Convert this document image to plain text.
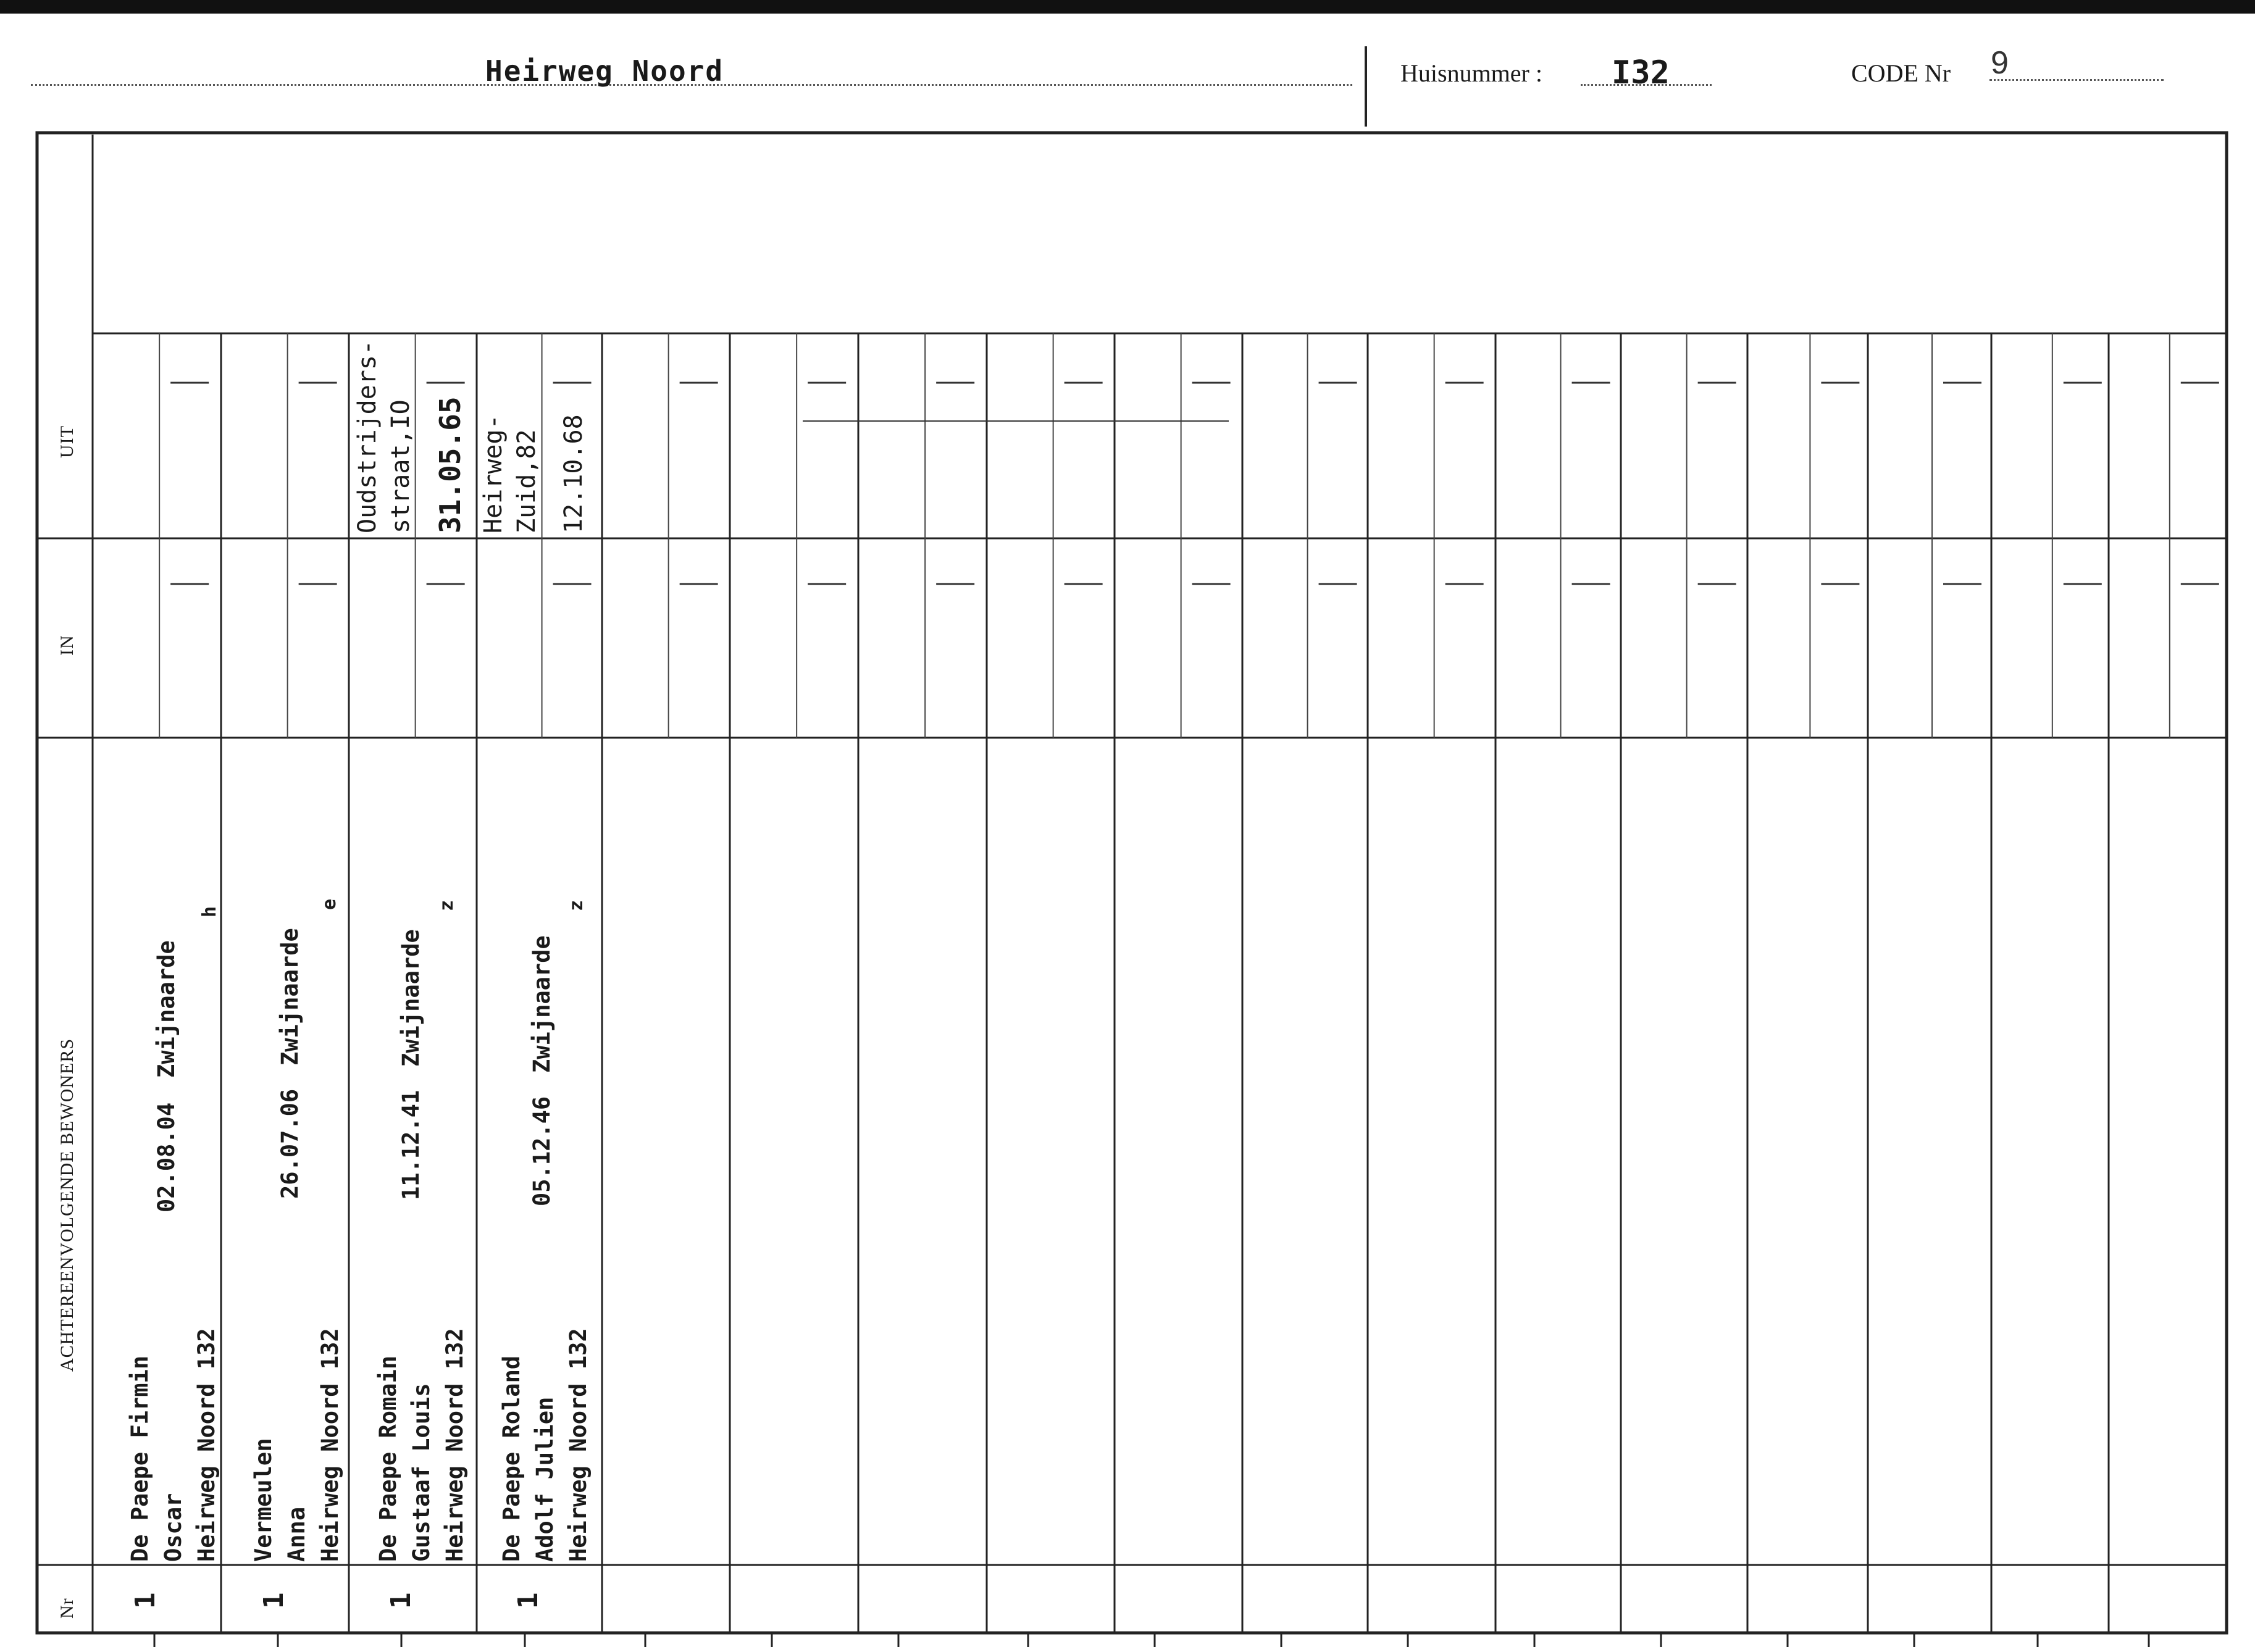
Heirweg Noord	Huisnummer : I32	CODE Nr 9
UIT
IN
ACHTEREENVOLGENDE BEWONERS
Nr
De Paepe Firmin Oscar Heirweg Noord 132
02.08.04
Zwijnaarde
h
1
Vermeulen Anna Heirweg Noord 132
26.07.06
Zwijnaarde
e
1
De Paepe Romain Gustaaf Louis Heirweg Noord 132
11.12.41
Zwijnaarde
z
1
De Paepe Roland Adolf Julien Heirweg Noord 132
05.12.46
Zwijnaarde
z
1
Oudstrijders- straat,IO 31.05.65 Heirweg- Zuid,82 12.10.68
